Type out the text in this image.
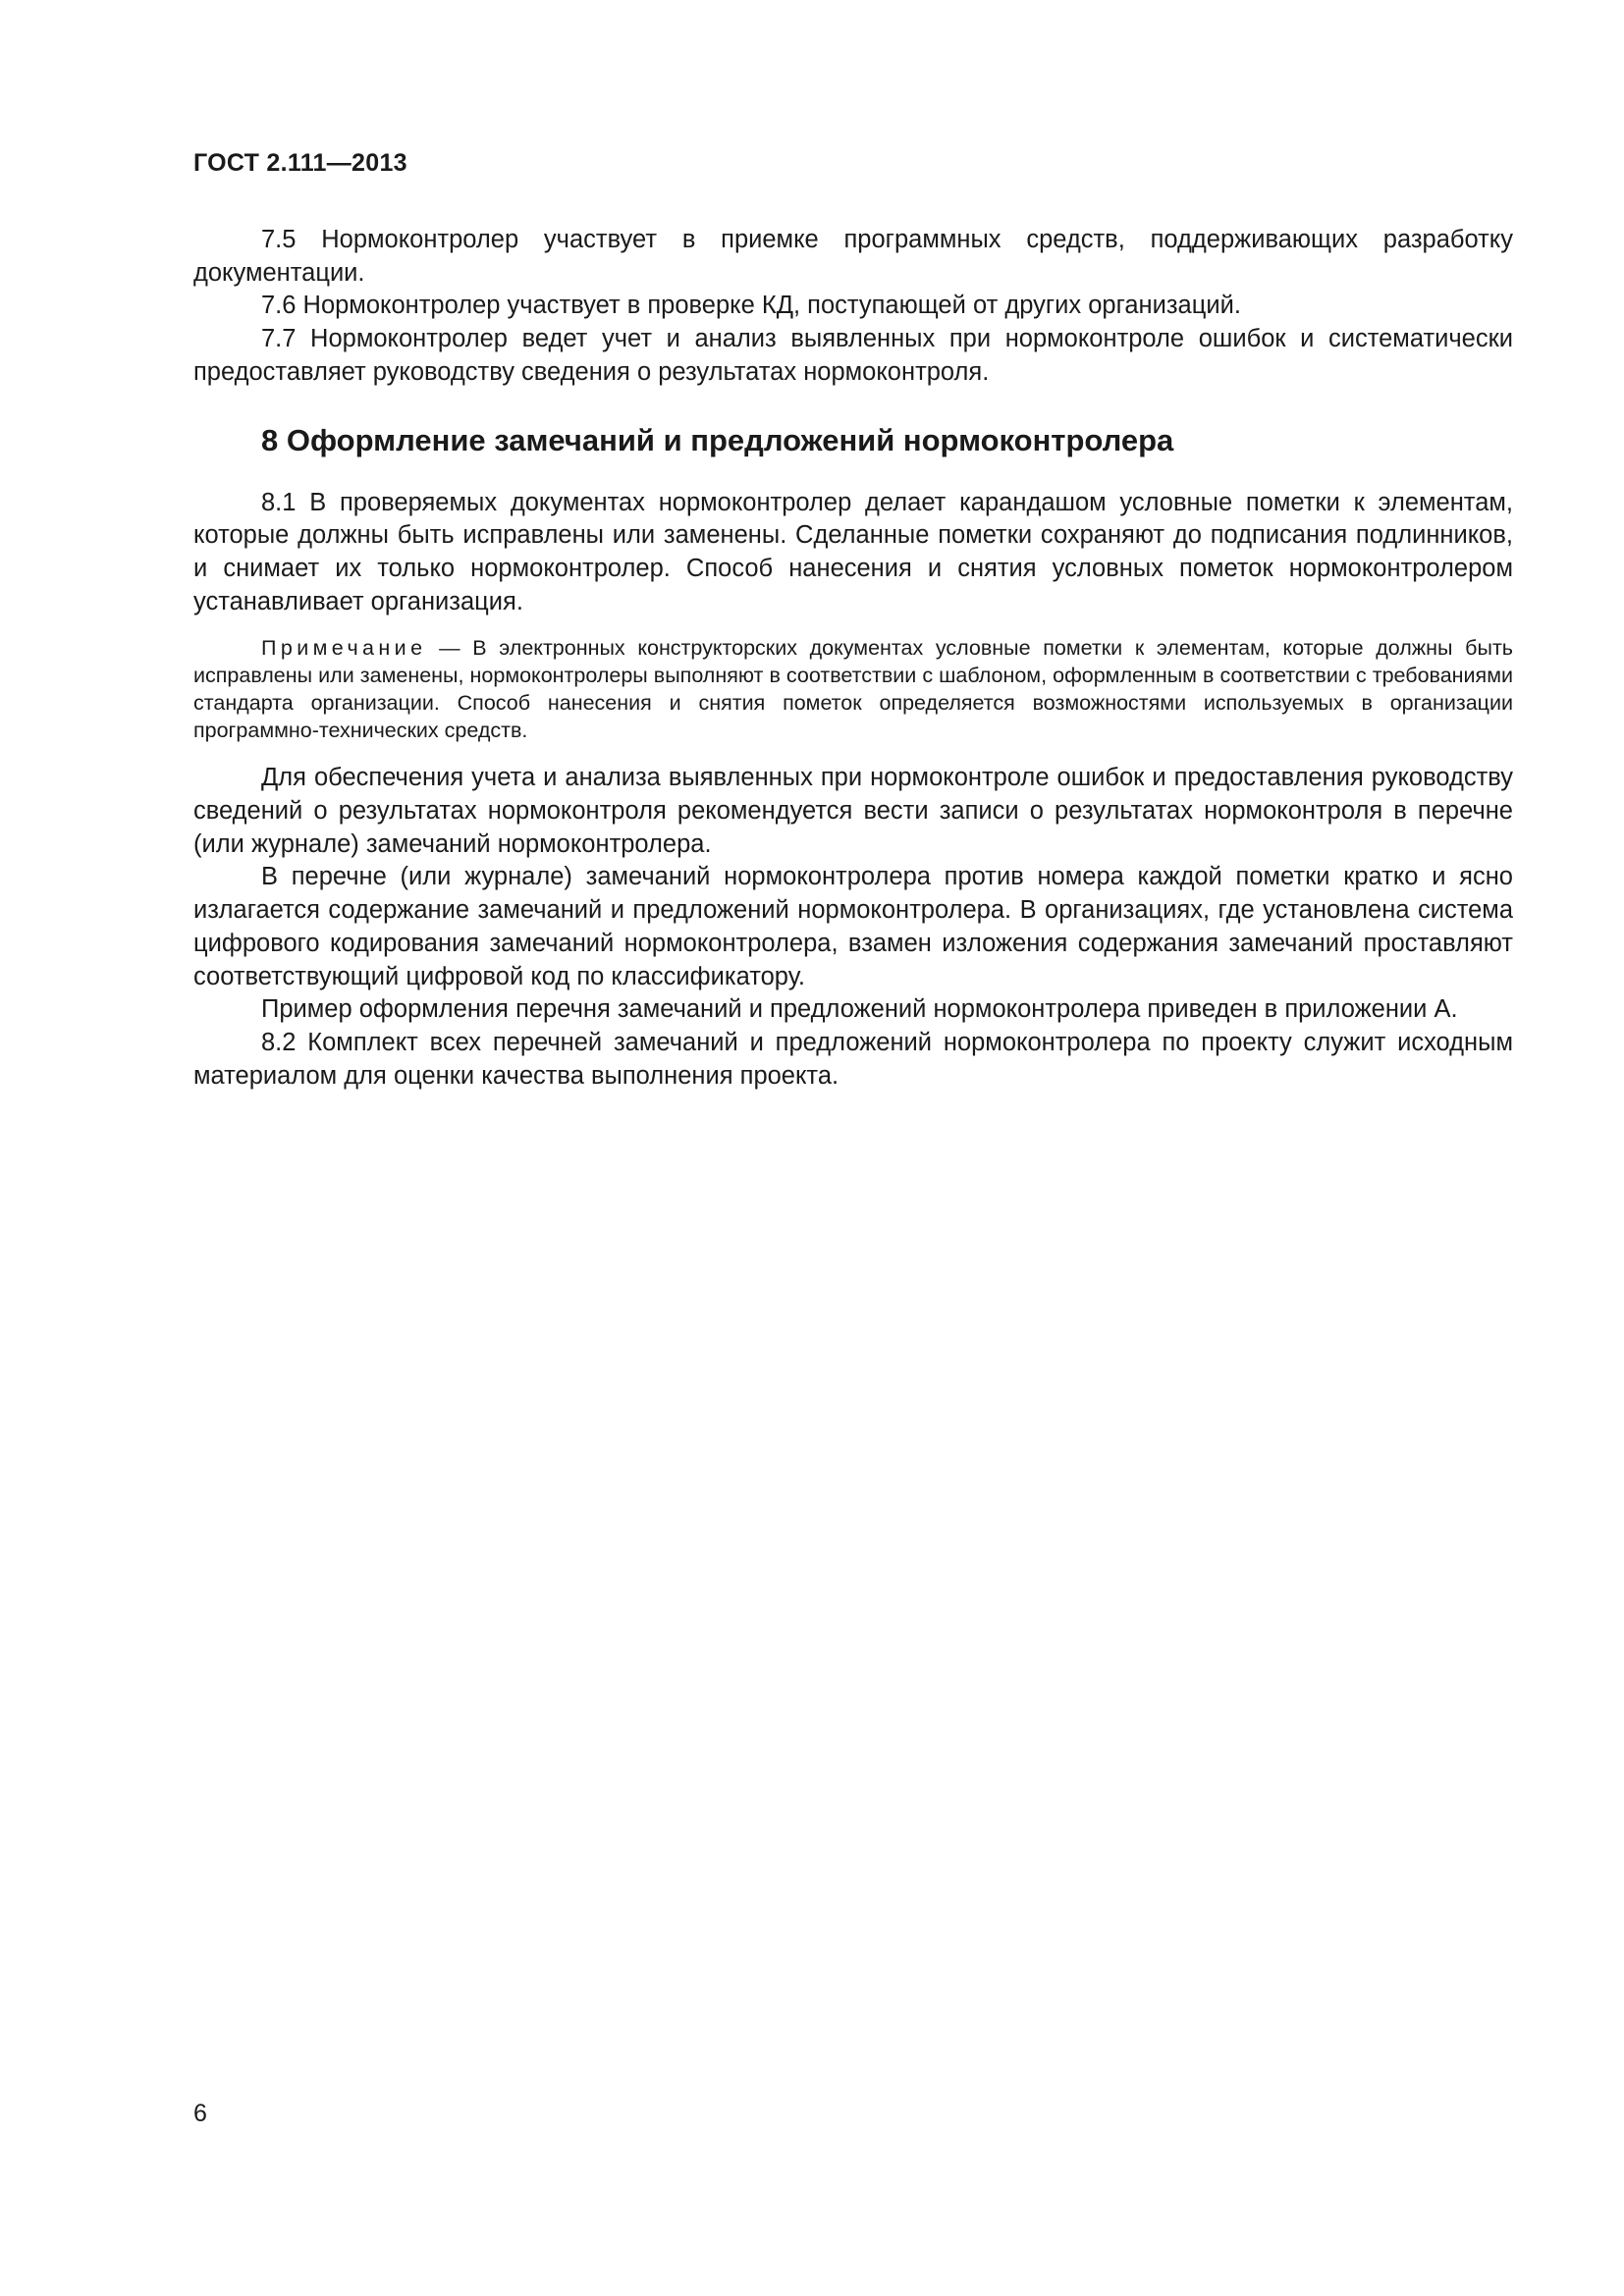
ГОСТ 2.111—2013

7.5 Нормоконтролер участвует в приемке программных средств, поддерживающих разработку документации.

7.6 Нормоконтролер участвует в проверке КД, поступающей от других организаций.

7.7 Нормоконтролер ведет учет и анализ выявленных при нормоконтроле ошибок и систематически предоставляет руководству сведения о результатах нормоконтроля.

8 Оформление замечаний и предложений нормоконтролера

8.1 В проверяемых документах нормоконтролер делает карандашом условные пометки к элементам, которые должны быть исправлены или заменены. Сделанные пометки сохраняют до подписания подлинников, и снимает их только нормоконтролер. Способ нанесения и снятия условных пометок нормоконтролером устанавливает организация.

Примечание — В электронных конструкторских документах условные пометки к элементам, которые должны быть исправлены или заменены, нормоконтролеры выполняют в соответствии с шаблоном, оформленным в соответствии с требованиями стандарта организации. Способ нанесения и снятия пометок определяется возможностями используемых в организации программно-технических средств.

Для обеспечения учета и анализа выявленных при нормоконтроле ошибок и предоставления руководству сведений о результатах нормоконтроля рекомендуется вести записи о результатах нормоконтроля в перечне (или журнале) замечаний нормоконтролера.

В перечне (или журнале) замечаний нормоконтролера против номера каждой пометки кратко и ясно излагается содержание замечаний и предложений нормоконтролера. В организациях, где установлена система цифрового кодирования замечаний нормоконтролера, взамен изложения содержания замечаний проставляют соответствующий цифровой код по классификатору.

Пример оформления перечня замечаний и предложений нормоконтролера приведен в приложении А.

8.2 Комплект всех перечней замечаний и предложений нормоконтролера по проекту служит исходным материалом для оценки качества выполнения проекта.

6
